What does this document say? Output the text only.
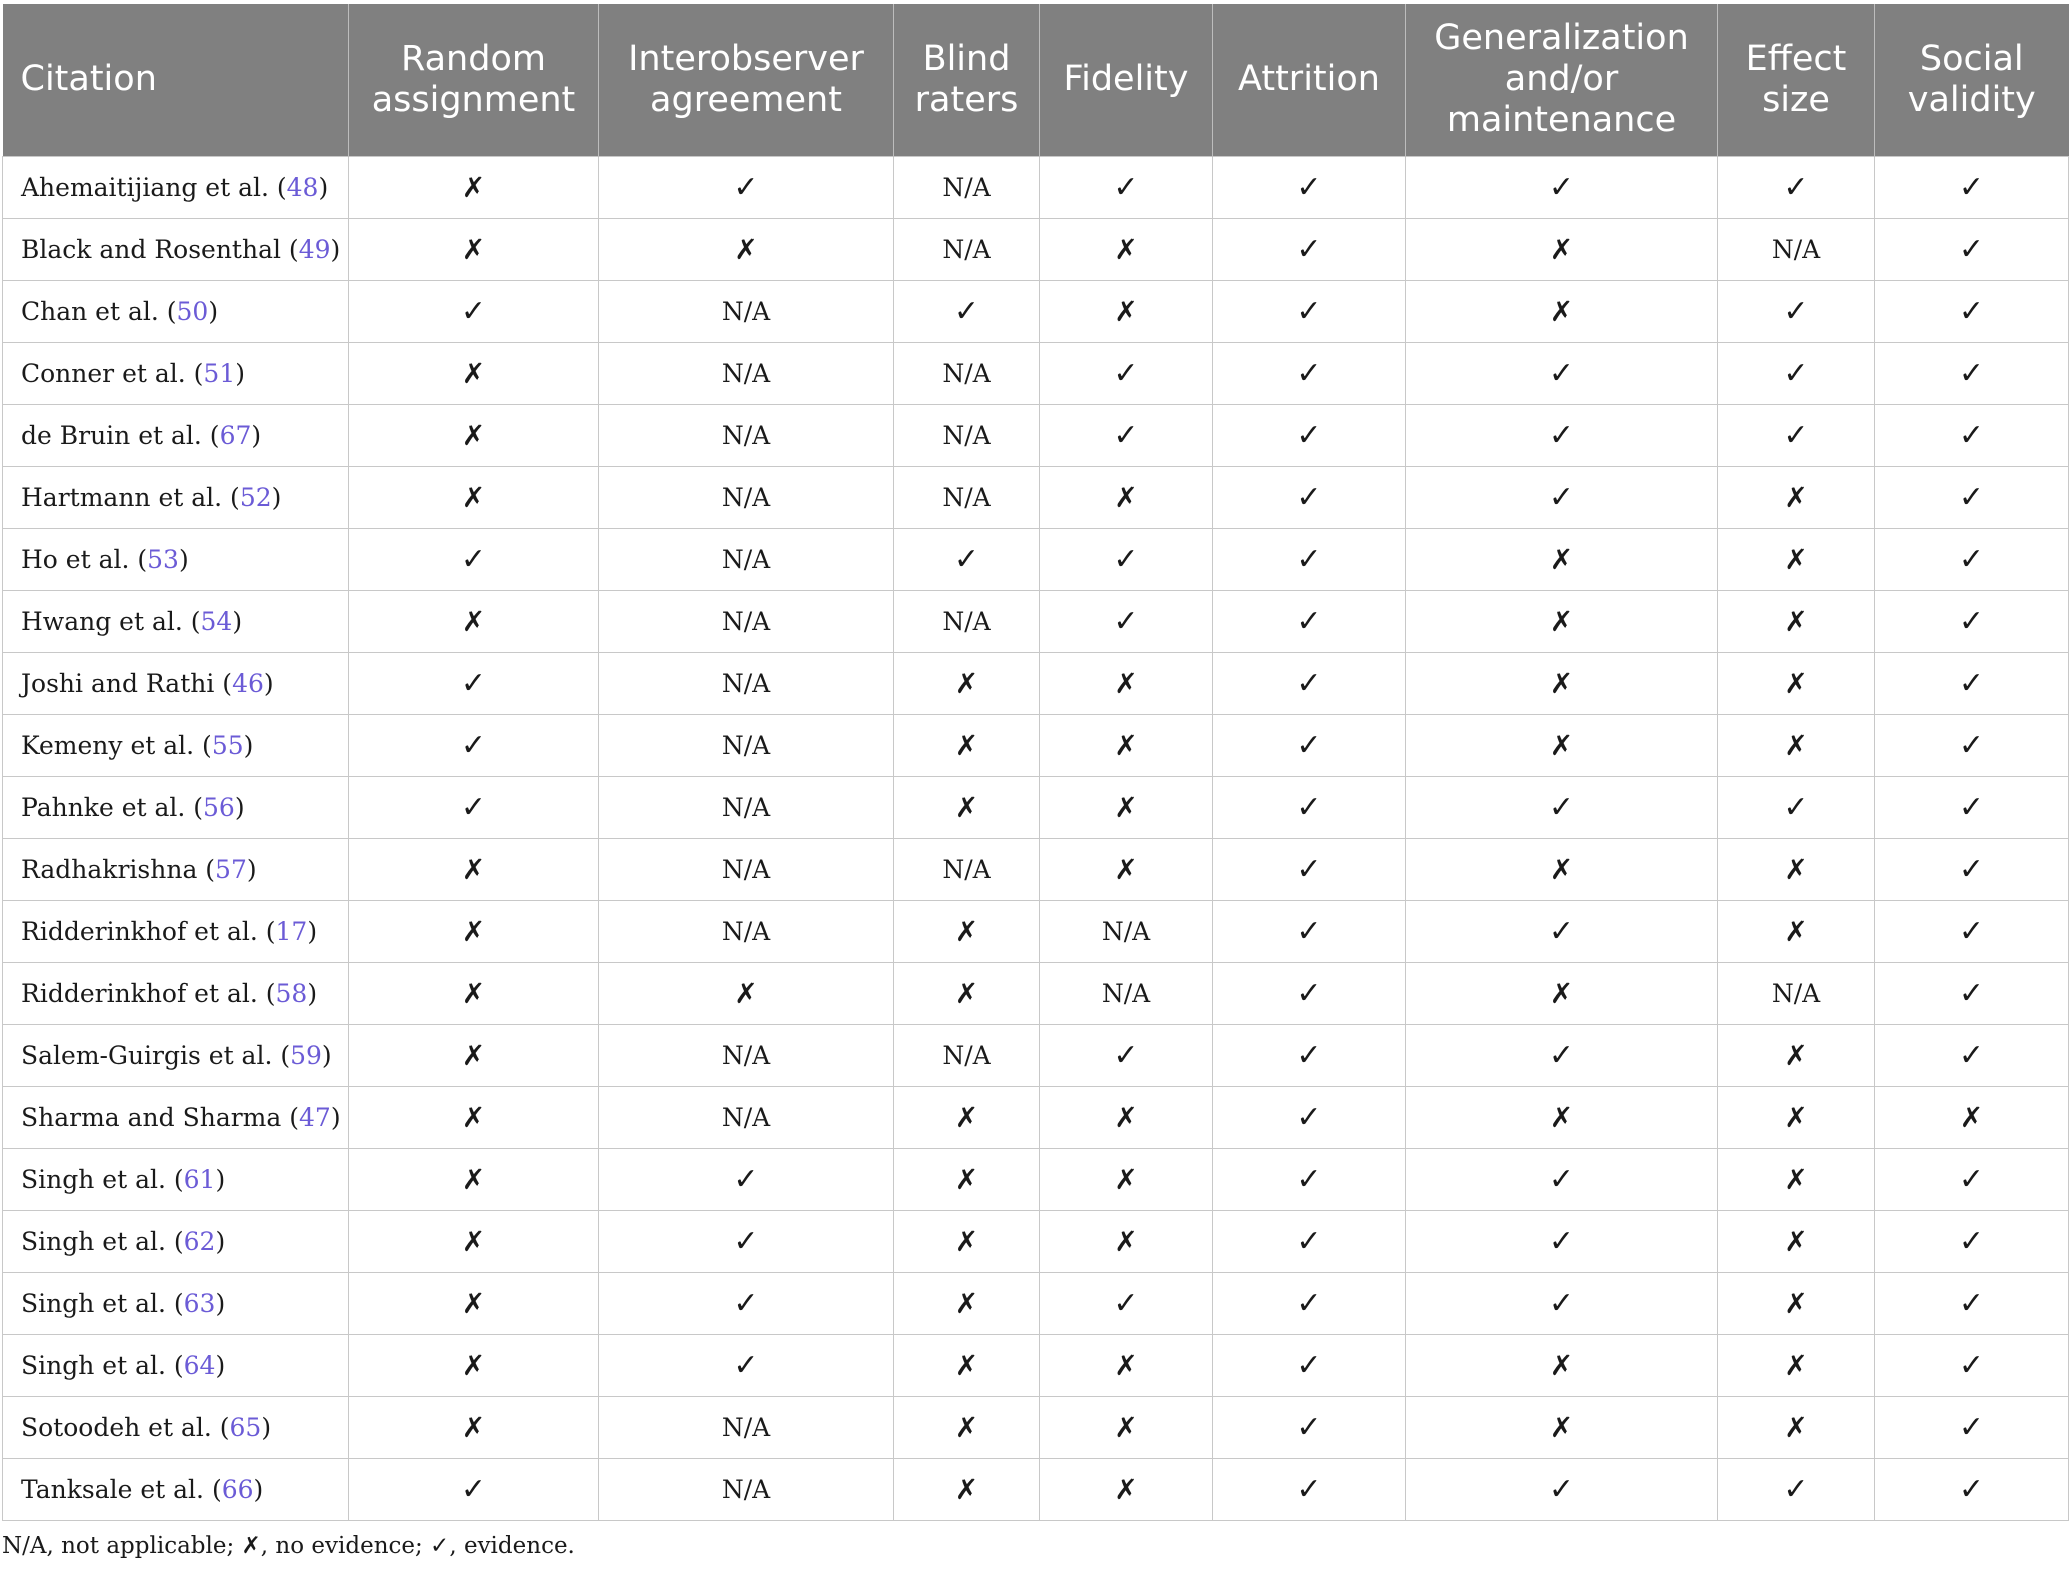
Citation	Random assignment	Interobserver agreement	Blind raters	Fidelity	Attrition	Generalization and/or maintenance	Effect size	Social validity
Ahemaitijiang et al. (48)	✗	✓	N/A	✓	✓	✓	✓	✓
Black and Rosenthal (49)	✗	✗	N/A	✗	✓	✗	N/A	✓
Chan et al. (50)	✓	N/A	✓	✗	✓	✗	✓	✓
Conner et al. (51)	✗	N/A	N/A	✓	✓	✓	✓	✓
de Bruin et al. (67)	✗	N/A	N/A	✓	✓	✓	✓	✓
Hartmann et al. (52)	✗	N/A	N/A	✗	✓	✓	✗	✓
Ho et al. (53)	✓	N/A	✓	✓	✓	✗	✗	✓
Hwang et al. (54)	✗	N/A	N/A	✓	✓	✗	✗	✓
Joshi and Rathi (46)	✓	N/A	✗	✗	✓	✗	✗	✓
Kemeny et al. (55)	✓	N/A	✗	✗	✓	✗	✗	✓
Pahnke et al. (56)	✓	N/A	✗	✗	✓	✓	✓	✓
Radhakrishna (57)	✗	N/A	N/A	✗	✓	✗	✗	✓
Ridderinkhof et al. (17)	✗	N/A	✗	N/A	✓	✓	✗	✓
Ridderinkhof et al. (58)	✗	✗	✗	N/A	✓	✗	N/A	✓
Salem-Guirgis et al. (59)	✗	N/A	N/A	✓	✓	✓	✗	✓
Sharma and Sharma (47)	✗	N/A	✗	✗	✓	✗	✗	✗
Singh et al. (61)	✗	✓	✗	✗	✓	✓	✗	✓
Singh et al. (62)	✗	✓	✗	✗	✓	✓	✗	✓
Singh et al. (63)	✗	✓	✗	✓	✓	✓	✗	✓
Singh et al. (64)	✗	✓	✗	✗	✓	✗	✗	✓
Sotoodeh et al. (65)	✗	N/A	✗	✗	✓	✗	✗	✓
Tanksale et al. (66)	✓	N/A	✗	✗	✓	✓	✓	✓
N/A, not applicable; ✗, no evidence; ✓, evidence.
